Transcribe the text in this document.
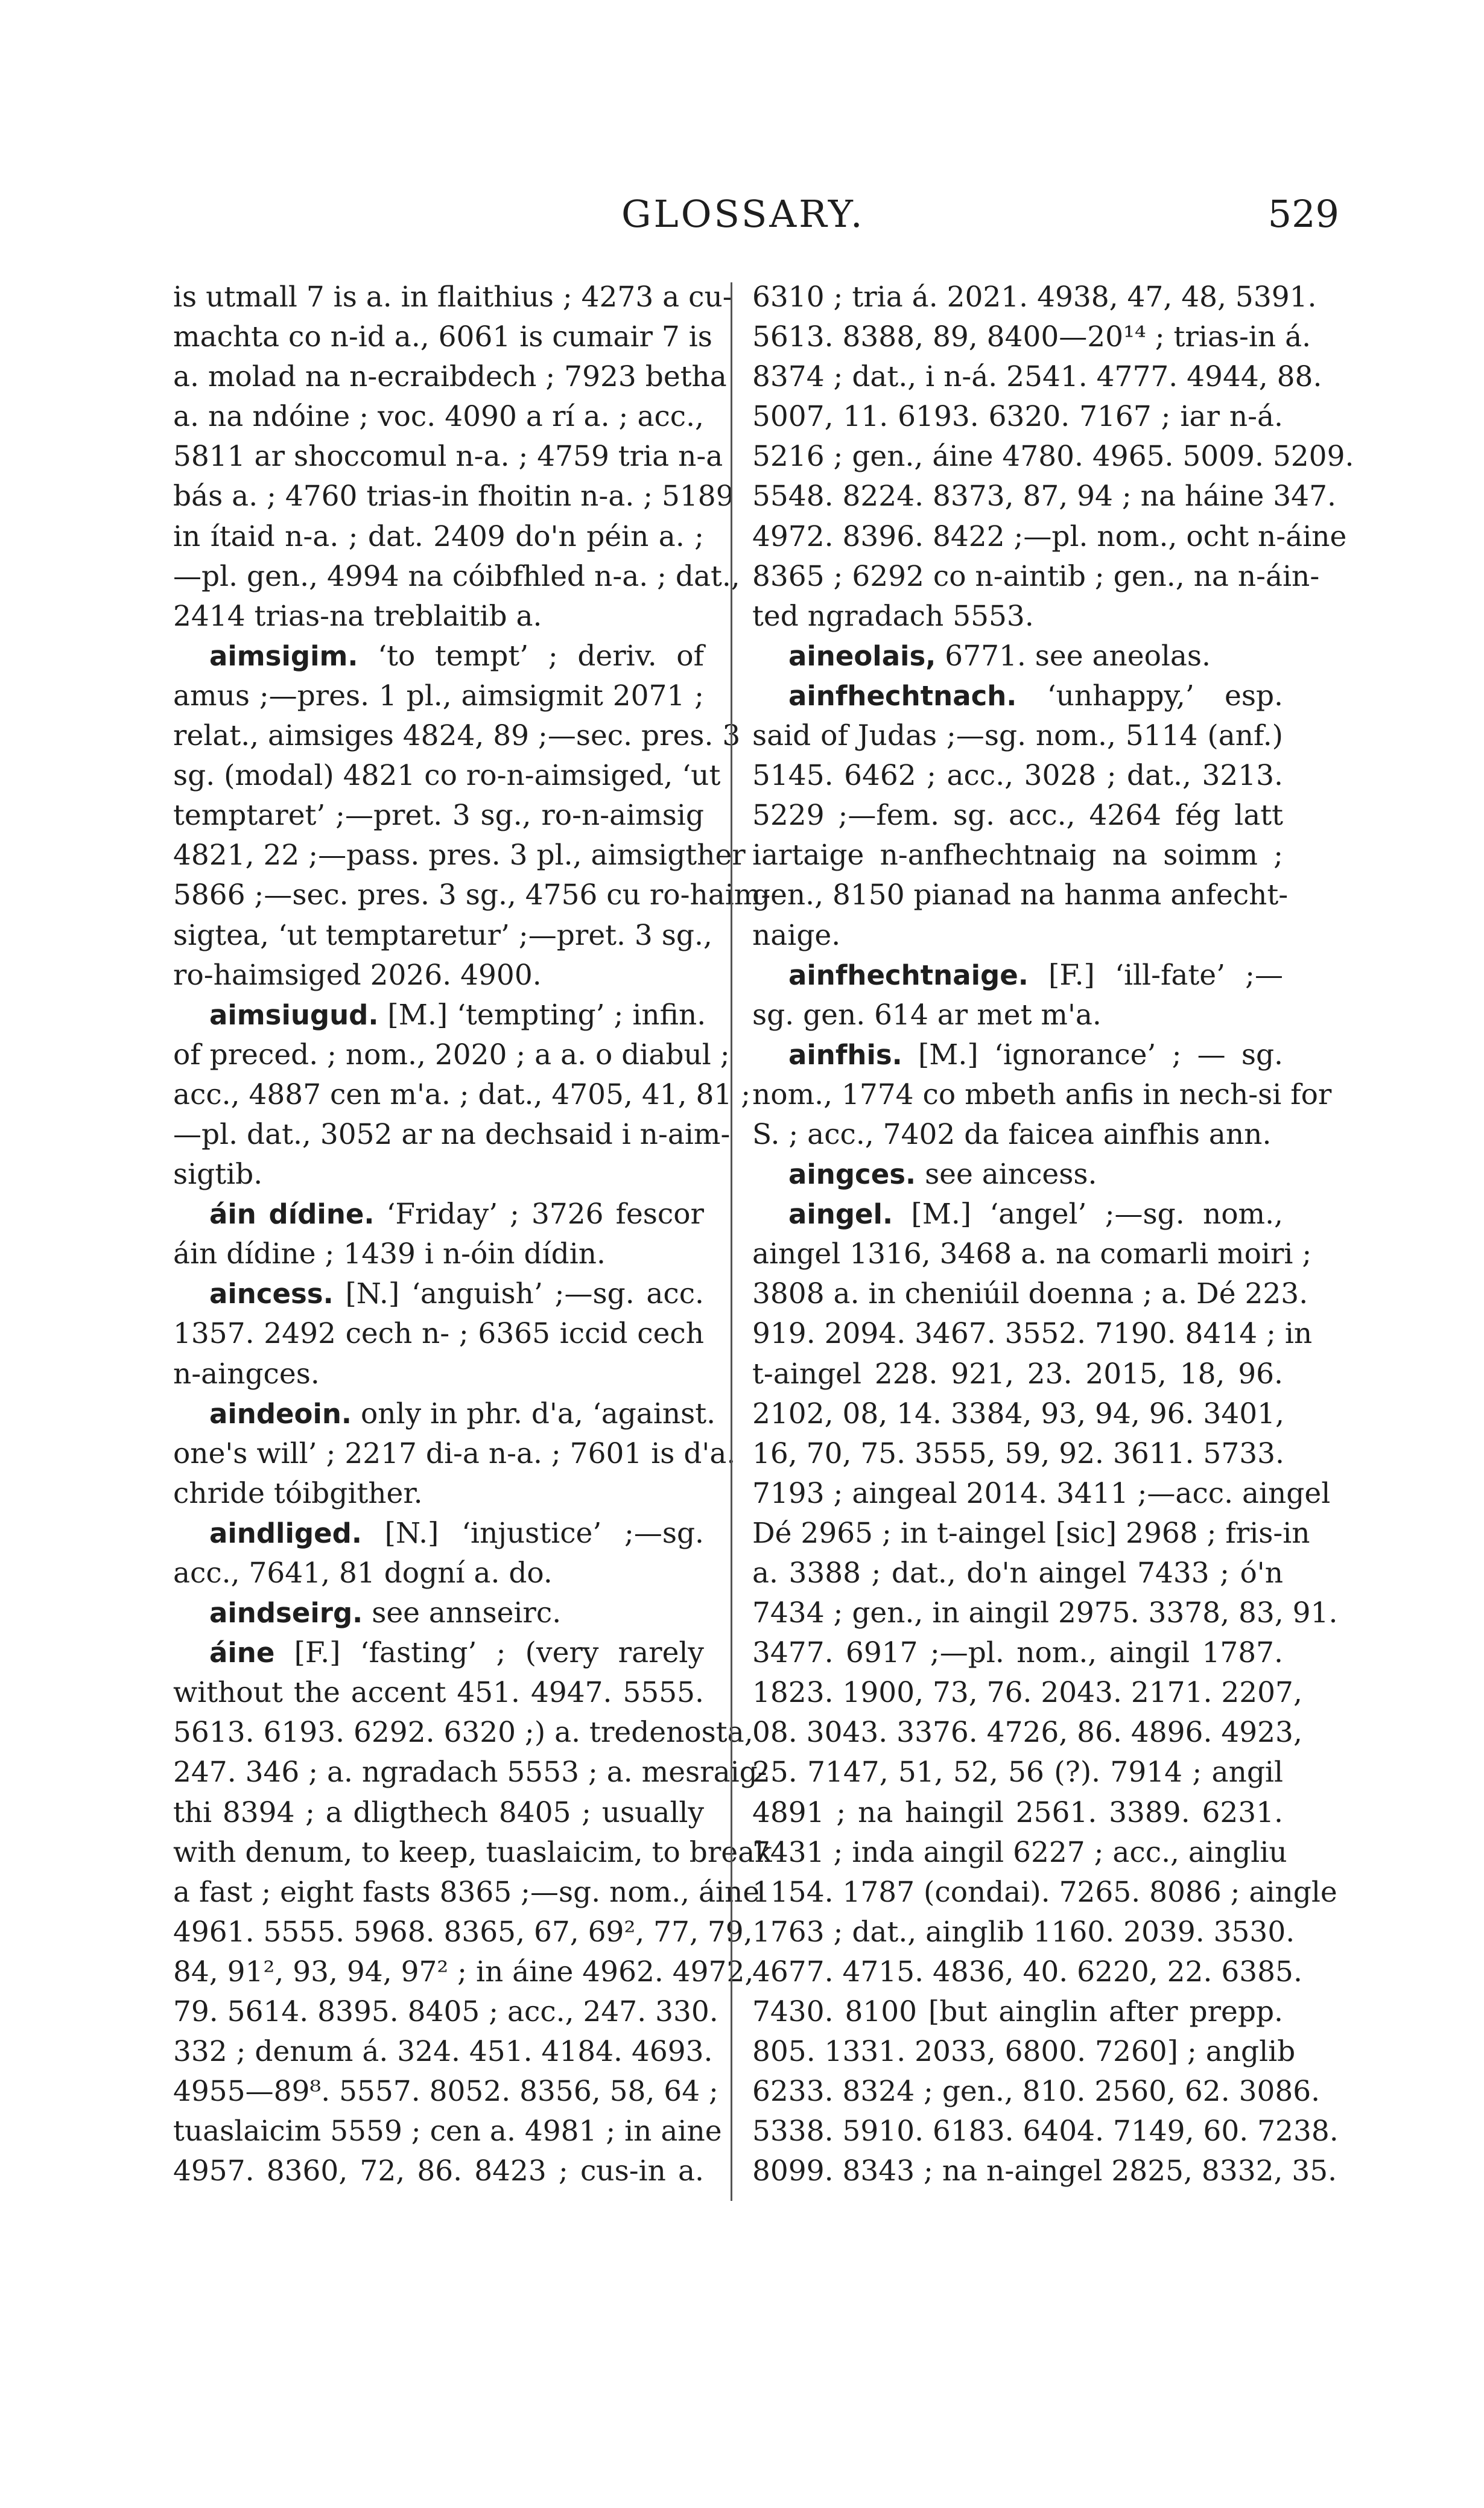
GLOSSARY.	529
is utmall 7 is a. in flaithius ; 4273 a cu-
machta co n-id a., 6061 is cumair 7 is
a. molad na n-ecraibdech ; 7923 betha
a. na ndóine ; voc. 4090 a rí a. ; acc.,
5811 ar shoccomul n-a. ; 4759 tria n-a
bás a. ; 4760 trias-in fhoitin n-a. ; 5189
in ítaid n-a. ; dat. 2409 do'n péin a. ;
—pl. gen., 4994 na cóibfhled n-a. ; dat.,
2414 trias-na treblaitib a.
aimsigim. ‘to tempt’ ; deriv. of
amus ;—pres. 1 pl., aimsigmit 2071 ;
relat., aimsiges 4824, 89 ;—sec. pres. 3
sg. (modal) 4821 co ro-n-aimsiged, ‘ut
temptaret’ ;—pret. 3 sg., ro-n-aimsig
4821, 22 ;—pass. pres. 3 pl., aimsigther
5866 ;—sec. pres. 3 sg., 4756 cu ro-haim-
sigtea, ‘ut temptaretur’ ;—pret. 3 sg.,
ro-haimsiged 2026. 4900.
aimsiugud. [M.] ‘tempting’ ; infin.
of preced. ; nom., 2020 ; a a. o diabul ;
acc., 4887 cen m'a. ; dat., 4705, 41, 81 ;
—pl. dat., 3052 ar na dechsaid i n-aim-
sigtib.
áin dídine. ‘Friday’ ; 3726 fescor
áin dídine ; 1439 i n-óin dídin.
aincess. [N.] ‘anguish’ ;—sg. acc.
1357. 2492 cech n- ; 6365 iccid cech
n-aingces.
aindeoin. only in phr. d'a, ‘against.
one's will’ ; 2217 di-a n-a. ; 7601 is d'a.
chride tóibgither.
aindliged. [N.] ‘injustice’ ;—sg.
acc., 7641, 81 dogní a. do.
aindseirg. see annseirc.
áine [F.] ‘fasting’ ; (very rarely
without the accent 451. 4947. 5555.
5613. 6193. 6292. 6320 ;) a. tredenosta,
247. 346 ; a. ngradach 5553 ; a. mesraig-
thi 8394 ; a dligthech 8405 ; usually
with denum, to keep, tuaslaicim, to break
a fast ; eight fasts 8365 ;—sg. nom., áine
4961. 5555. 5968. 8365, 67, 69², 77, 79,
84, 91², 93, 94, 97² ; in áine 4962. 4972,
79. 5614. 8395. 8405 ; acc., 247. 330.
332 ; denum á. 324. 451. 4184. 4693.
4955—89⁸. 5557. 8052. 8356, 58, 64 ;
tuaslaicim 5559 ; cen a. 4981 ; in aine
4957. 8360, 72, 86. 8423 ; cus-in a.
6310 ; tria á. 2021. 4938, 47, 48, 5391.
5613. 8388, 89, 8400—20¹⁴ ; trias-in á.
8374 ; dat., i n-á. 2541. 4777. 4944, 88.
5007, 11. 6193. 6320. 7167 ; iar n-á.
5216 ; gen., áine 4780. 4965. 5009. 5209.
5548. 8224. 8373, 87, 94 ; na háine 347.
4972. 8396. 8422 ;—pl. nom., ocht n-áine
8365 ; 6292 co n-aintib ; gen., na n-áin-
ted ngradach 5553.
aineolais, 6771. see aneolas.
ainfhechtnach. ‘unhappy,’ esp.
said of Judas ;—sg. nom., 5114 (anf.)
5145. 6462 ; acc., 3028 ; dat., 3213.
5229 ;—fem. sg. acc., 4264 fég latt
iartaige n-anfhechtnaig na soimm ;
gen., 8150 pianad na hanma anfecht-
naige.
ainfhechtnaige. [F.] ‘ill-fate’ ;—
sg. gen. 614 ar met m'a.
ainfhis. [M.] ‘ignorance’ ; — sg.
nom., 1774 co mbeth anfis in nech-si for
S. ; acc., 7402 da faicea ainfhis ann.
aingces. see aincess.
aingel. [M.] ‘angel’ ;—sg. nom.,
aingel 1316, 3468 a. na comarli moiri ;
3808 a. in cheniúil doenna ; a. Dé 223.
919. 2094. 3467. 3552. 7190. 8414 ; in
t-aingel 228. 921, 23. 2015, 18, 96.
2102, 08, 14. 3384, 93, 94, 96. 3401,
16, 70, 75. 3555, 59, 92. 3611. 5733.
7193 ; aingeal 2014. 3411 ;—acc. aingel
Dé 2965 ; in t-aingel [sic] 2968 ; fris-in
a. 3388 ; dat., do'n aingel 7433 ; ó'n
7434 ; gen., in aingil 2975. 3378, 83, 91.
3477. 6917 ;—pl. nom., aingil 1787.
1823. 1900, 73, 76. 2043. 2171. 2207,
08. 3043. 3376. 4726, 86. 4896. 4923,
25. 7147, 51, 52, 56 (?). 7914 ; angil
4891 ; na haingil 2561. 3389. 6231.
7431 ; inda aingil 6227 ; acc., aingliu
1154. 1787 (condai). 7265. 8086 ; aingle
1763 ; dat., ainglib 1160. 2039. 3530.
4677. 4715. 4836, 40. 6220, 22. 6385.
7430. 8100 [but ainglin after prepp.
805. 1331. 2033, 6800. 7260] ; anglib
6233. 8324 ; gen., 810. 2560, 62. 3086.
5338. 5910. 6183. 6404. 7149, 60. 7238.
8099. 8343 ; na n-aingel 2825, 8332, 35.
